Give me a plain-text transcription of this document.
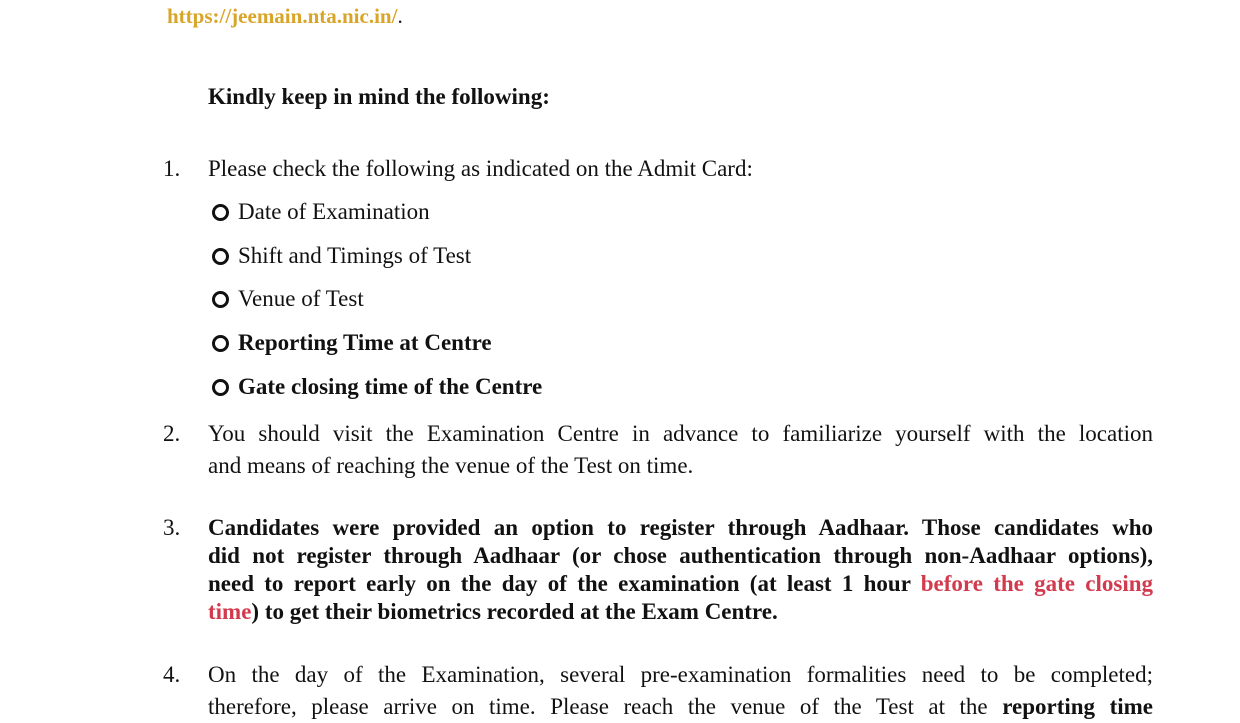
https://jeemain.nta.nic.in/.
Kindly keep in mind the following:
1. Please check the following as indicated on the Admit Card:
Date of Examination
Shift and Timings of Test
Venue of Test
Reporting Time at Centre
Gate closing time of the Centre
2. You should visit the Examination Centre in advance to familiarize yourself with the location
and means of reaching the venue of the Test on time.
3. Candidates were provided an option to register through Aadhaar. Those candidates who
did not register through Aadhaar (or chose authentication through non-Aadhaar options),
need to report early on the day of the examination (at least 1 hour before the gate closing
time) to get their biometrics recorded at the Exam Centre.
4. On the day of the Examination, several pre-examination formalities need to be completed;
therefore, please arrive on time. Please reach the venue of the Test at the reporting time
